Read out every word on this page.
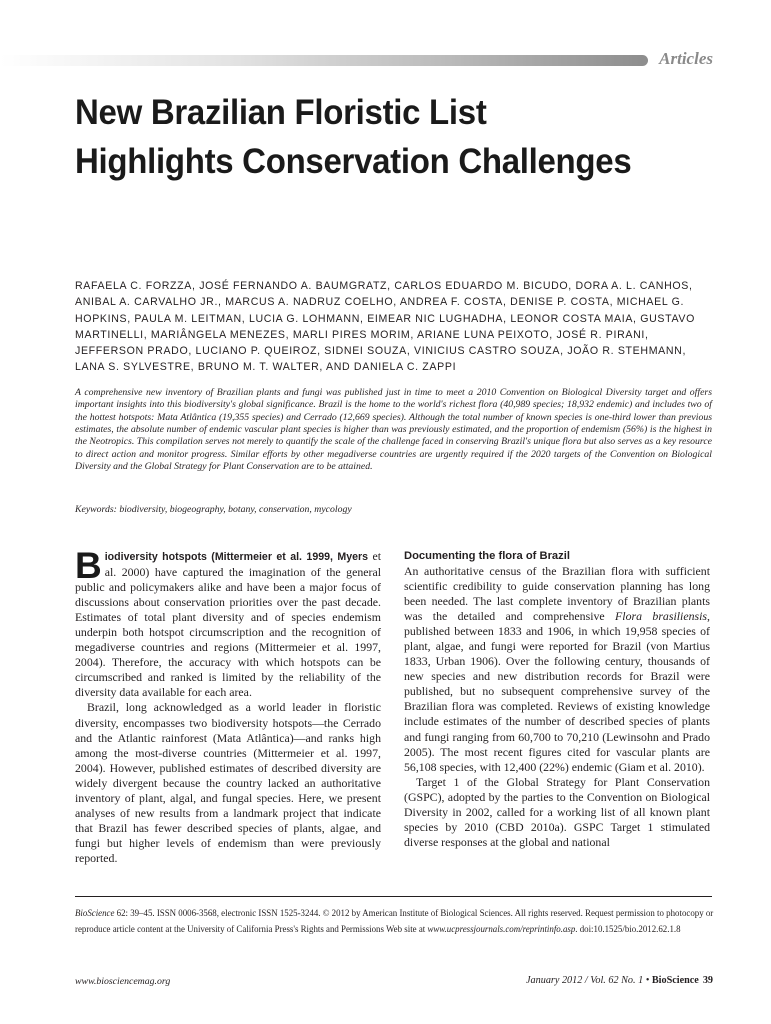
Articles
New Brazilian Floristic List Highlights Conservation Challenges

RAFAELA C. FORZZA, JOSÉ FERNANDO A. BAUMGRATZ, CARLOS EDUARDO M. BICUDO, DORA A. L. CANHOS, ANIBAL A. CARVALHO JR., MARCUS A. NADRUZ COELHO, ANDREA F. COSTA, DENISE P. COSTA, MICHAEL G. HOPKINS, PAULA M. LEITMAN, LUCIA G. LOHMANN, EIMEAR NIC LUGHADHA, LEONOR COSTA MAIA, GUSTAVO MARTINELLI, MARIÂNGELA MENEZES, MARLI PIRES MORIM, ARIANE LUNA PEIXOTO, JOSÉ R. PIRANI, JEFFERSON PRADO, LUCIANO P. QUEIROZ, SIDNEI SOUZA, VINICIUS CASTRO SOUZA, JOÃO R. STEHMANN, LANA S. SYLVESTRE, BRUNO M. T. WALTER, AND DANIELA C. ZAPPI

A comprehensive new inventory of Brazilian plants and fungi was published just in time to meet a 2010 Convention on Biological Diversity target and offers important insights into this biodiversity's global significance. Brazil is the home to the world's richest flora (40,989 species; 18,932 endemic) and includes two of the hottest hotspots: Mata Atlântica (19,355 species) and Cerrado (12,669 species). Although the total number of known species is one-third lower than previous estimates, the absolute number of endemic vascular plant species is higher than was previously estimated, and the proportion of endemism (56%) is the highest in the Neotropics. This compilation serves not merely to quantify the scale of the challenge faced in conserving Brazil's unique flora but also serves as a key resource to direct action and monitor progress. Similar efforts by other megadiverse countries are urgently required if the 2020 targets of the Convention on Biological Diversity and the Global Strategy for Plant Conservation are to be attained.

Keywords: biodiversity, biogeography, botany, conservation, mycology

Biodiversity hotspots (Mittermeier et al. 1999, Myers et al. 2000) have captured the imagination of the general public and policymakers alike and have been a major focus of discussions about conservation priorities over the past decade. Estimates of total plant diversity and of species endemism underpin both hotspot circumscription and the recognition of megadiverse countries and regions (Mittermeier et al. 1997, 2004). Therefore, the accuracy with which hotspots can be circumscribed and ranked is limited by the reliability of the diversity data available for each area.

Brazil, long acknowledged as a world leader in floristic diversity, encompasses two biodiversity hotspots—the Cerrado and the Atlantic rainforest (Mata Atlântica)—and ranks high among the most-diverse countries (Mittermeier et al. 1997, 2004). However, published estimates of described diversity are widely divergent because the country lacked an authoritative inventory of plant, algal, and fungal species. Here, we present analyses of new results from a landmark project that indicate that Brazil has fewer described species of plants, algae, and fungi but higher levels of endemism than were previously reported.

Documenting the flora of Brazil

An authoritative census of the Brazilian flora with sufficient scientific credibility to guide conservation planning has long been needed. The last complete inventory of Brazilian plants was the detailed and comprehensive Flora brasiliensis, published between 1833 and 1906, in which 19,958 species of plant, algae, and fungi were reported for Brazil (von Martius 1833, Urban 1906). Over the following century, thousands of new species and new distribution records for Brazil were published, but no subsequent comprehensive survey of the Brazilian flora was completed. Reviews of existing knowledge include estimates of the number of described species of plants and fungi ranging from 60,700 to 70,210 (Lewinsohn and Prado 2005). The most recent figures cited for vascular plants are 56,108 species, with 12,400 (22%) endemic (Giam et al. 2010).

Target 1 of the Global Strategy for Plant Conservation (GSPC), adopted by the parties to the Convention on Biological Diversity in 2002, called for a working list of all known plant species by 2010 (CBD 2010a). GSPC Target 1 stimulated diverse responses at the global and national

BioScience 62: 39–45. ISSN 0006-3568, electronic ISSN 1525-3244. © 2012 by American Institute of Biological Sciences. All rights reserved. Request permission to photocopy or reproduce article content at the University of California Press's Rights and Permissions Web site at www.ucpressjournals.com/reprintinfo.asp. doi:10.1525/bio.2012.62.1.8

www.biosciencemag.org	January 2012 / Vol. 62 No. 1 • BioScience 39
